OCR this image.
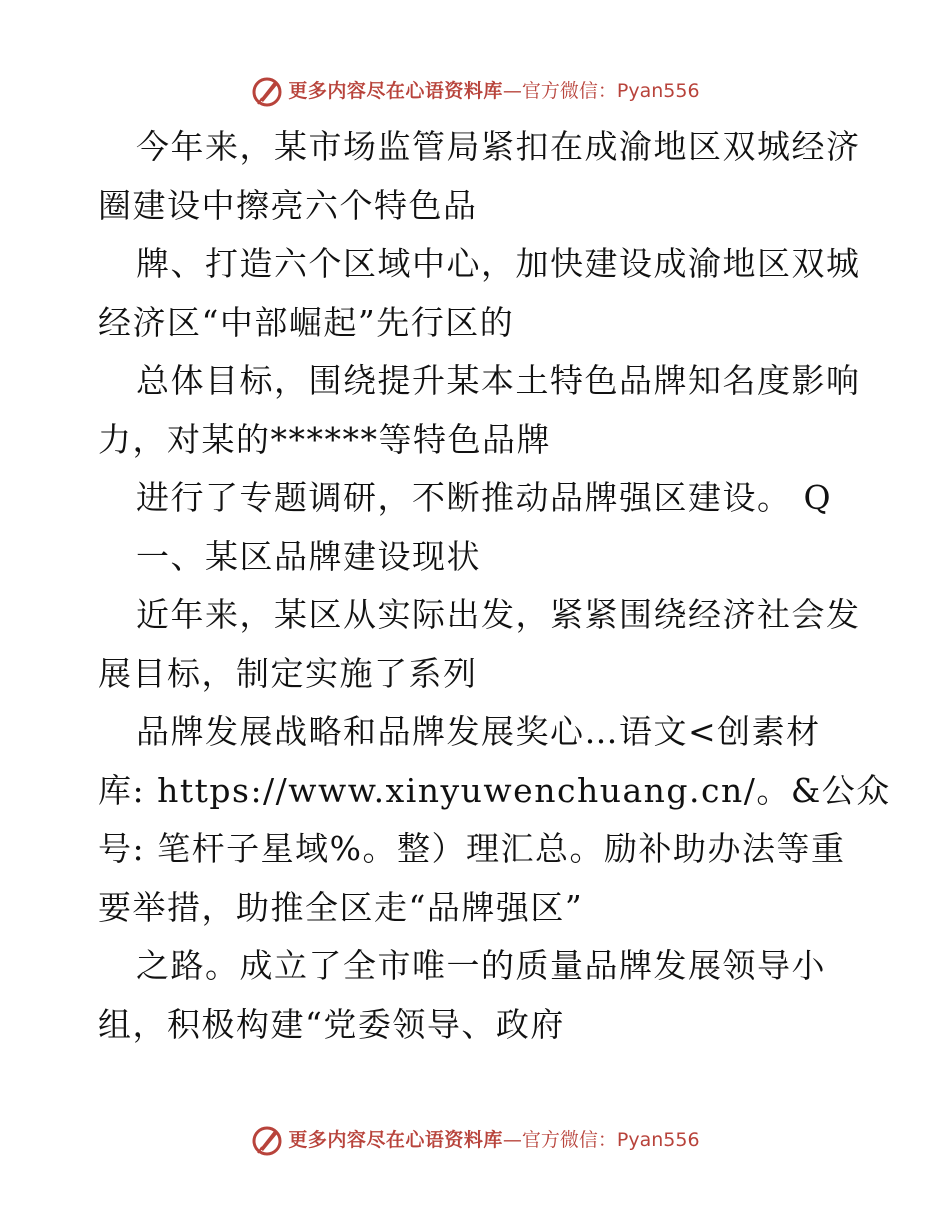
更多内容尽在心语资料库 — 官方微信：Pyan556
今年来，某市场监管局紧扣在成渝地区双城经济
圈建设中擦亮六个特色品
牌、打造六个区域中心，加快建设成渝地区双城
经济区“中部崛起”先行区的
总体目标，围绕提升某本土特色品牌知名度影响
力，对某的******等特色品牌
进行了专题调研，不断推动品牌强区建设。 Q
一、某区品牌建设现状
近年来，某区从实际出发，紧紧围绕经济社会发
展目标，制定实施了系列
品牌发展战略和品牌发展奖心…语文<创素材
库: https://www.xinyuwenchuang.cn/。&公众
号: 笔杆子星域%。整）理汇总。励补助办法等重
要举措，助推全区走“品牌强区”
之路。成立了全市唯一的质量品牌发展领导小
组，积极构建“党委领导、政府
更多内容尽在心语资料库 — 官方微信：Pyan556
